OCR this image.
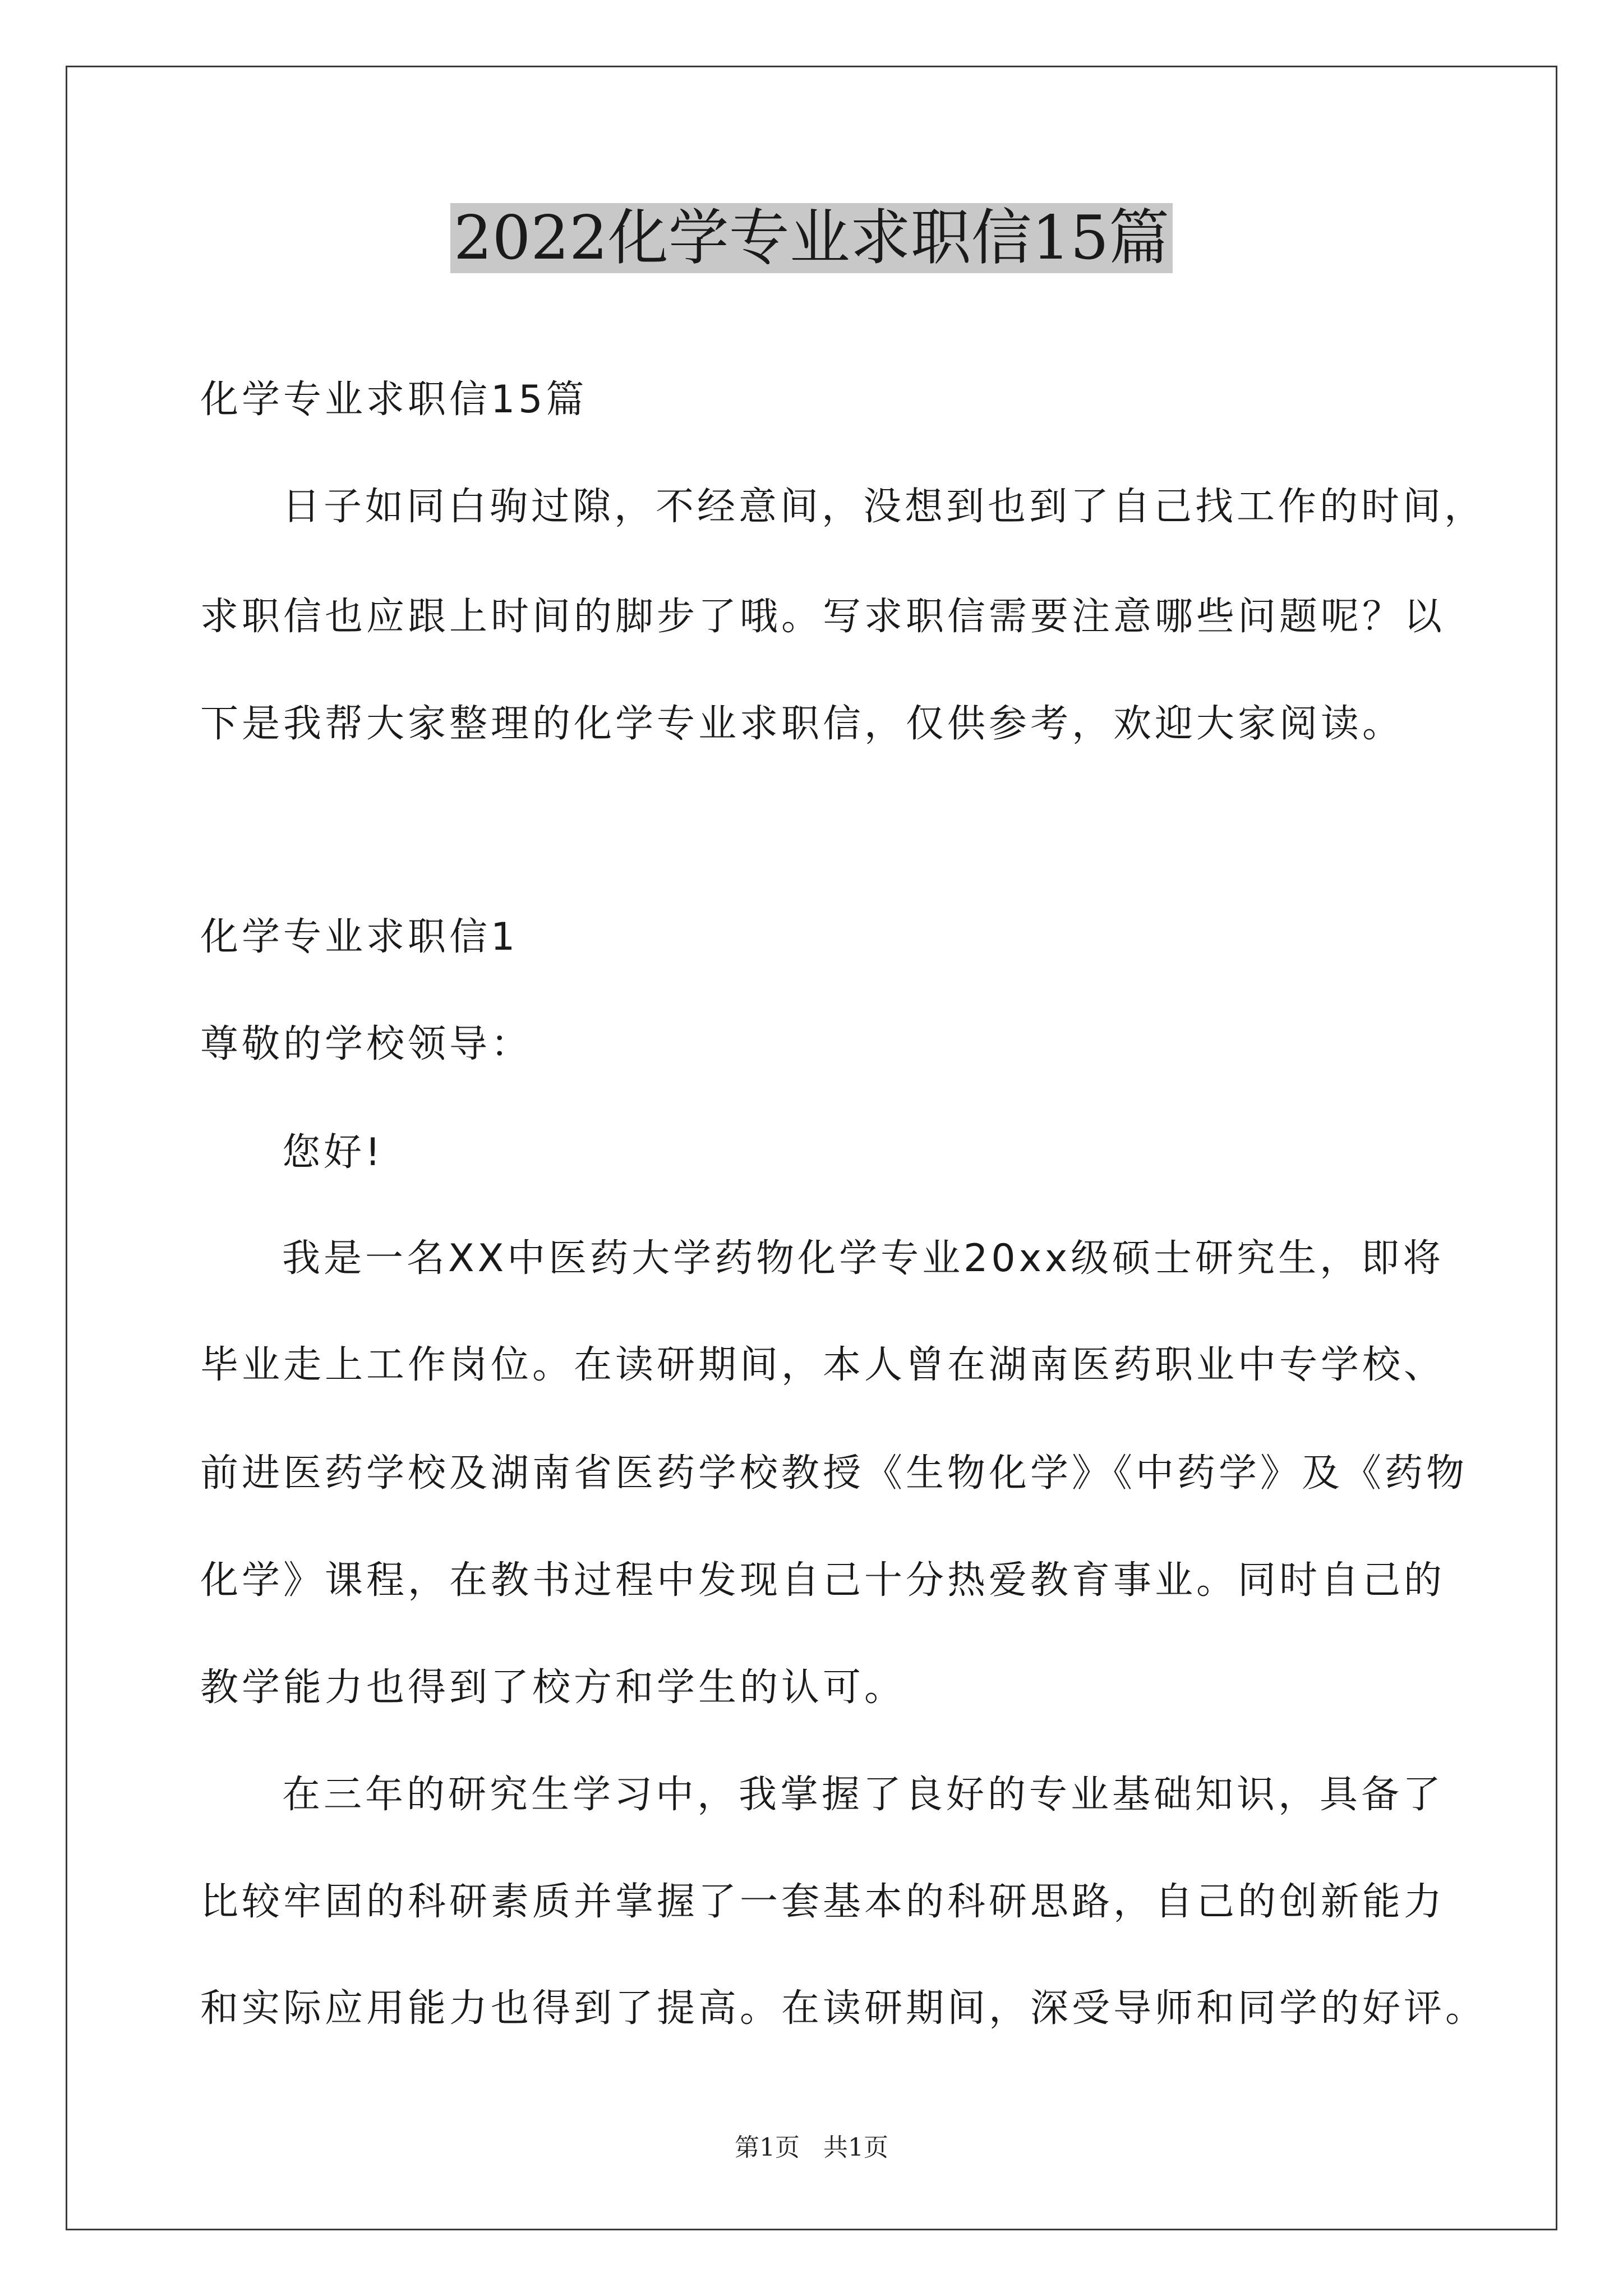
2022化学专业求职信15篇
化学专业求职信15篇
日子如同白驹过隙，不经意间，没想到也到了自己找工作的时间，
求职信也应跟上时间的脚步了哦。写求职信需要注意哪些问题呢？以
下是我帮大家整理的化学专业求职信，仅供参考，欢迎大家阅读。
化学专业求职信1
尊敬的学校领导：
您好!
我是一名XX中医药大学药物化学专业20xx级硕士研究生，即将
毕业走上工作岗位。在读研期间，本人曾在湖南医药职业中专学校、
前进医药学校及湖南省医药学校教授《生物化学》《中药学》及《药物
化学》课程，在教书过程中发现自己十分热爱教育事业。同时自己的
教学能力也得到了校方和学生的认可。
在三年的研究生学习中，我掌握了良好的专业基础知识，具备了
比较牢固的科研素质并掌握了一套基本的科研思路，自己的创新能力
和实际应用能力也得到了提高。在读研期间，深受导师和同学的好评。
第1页 共1页
